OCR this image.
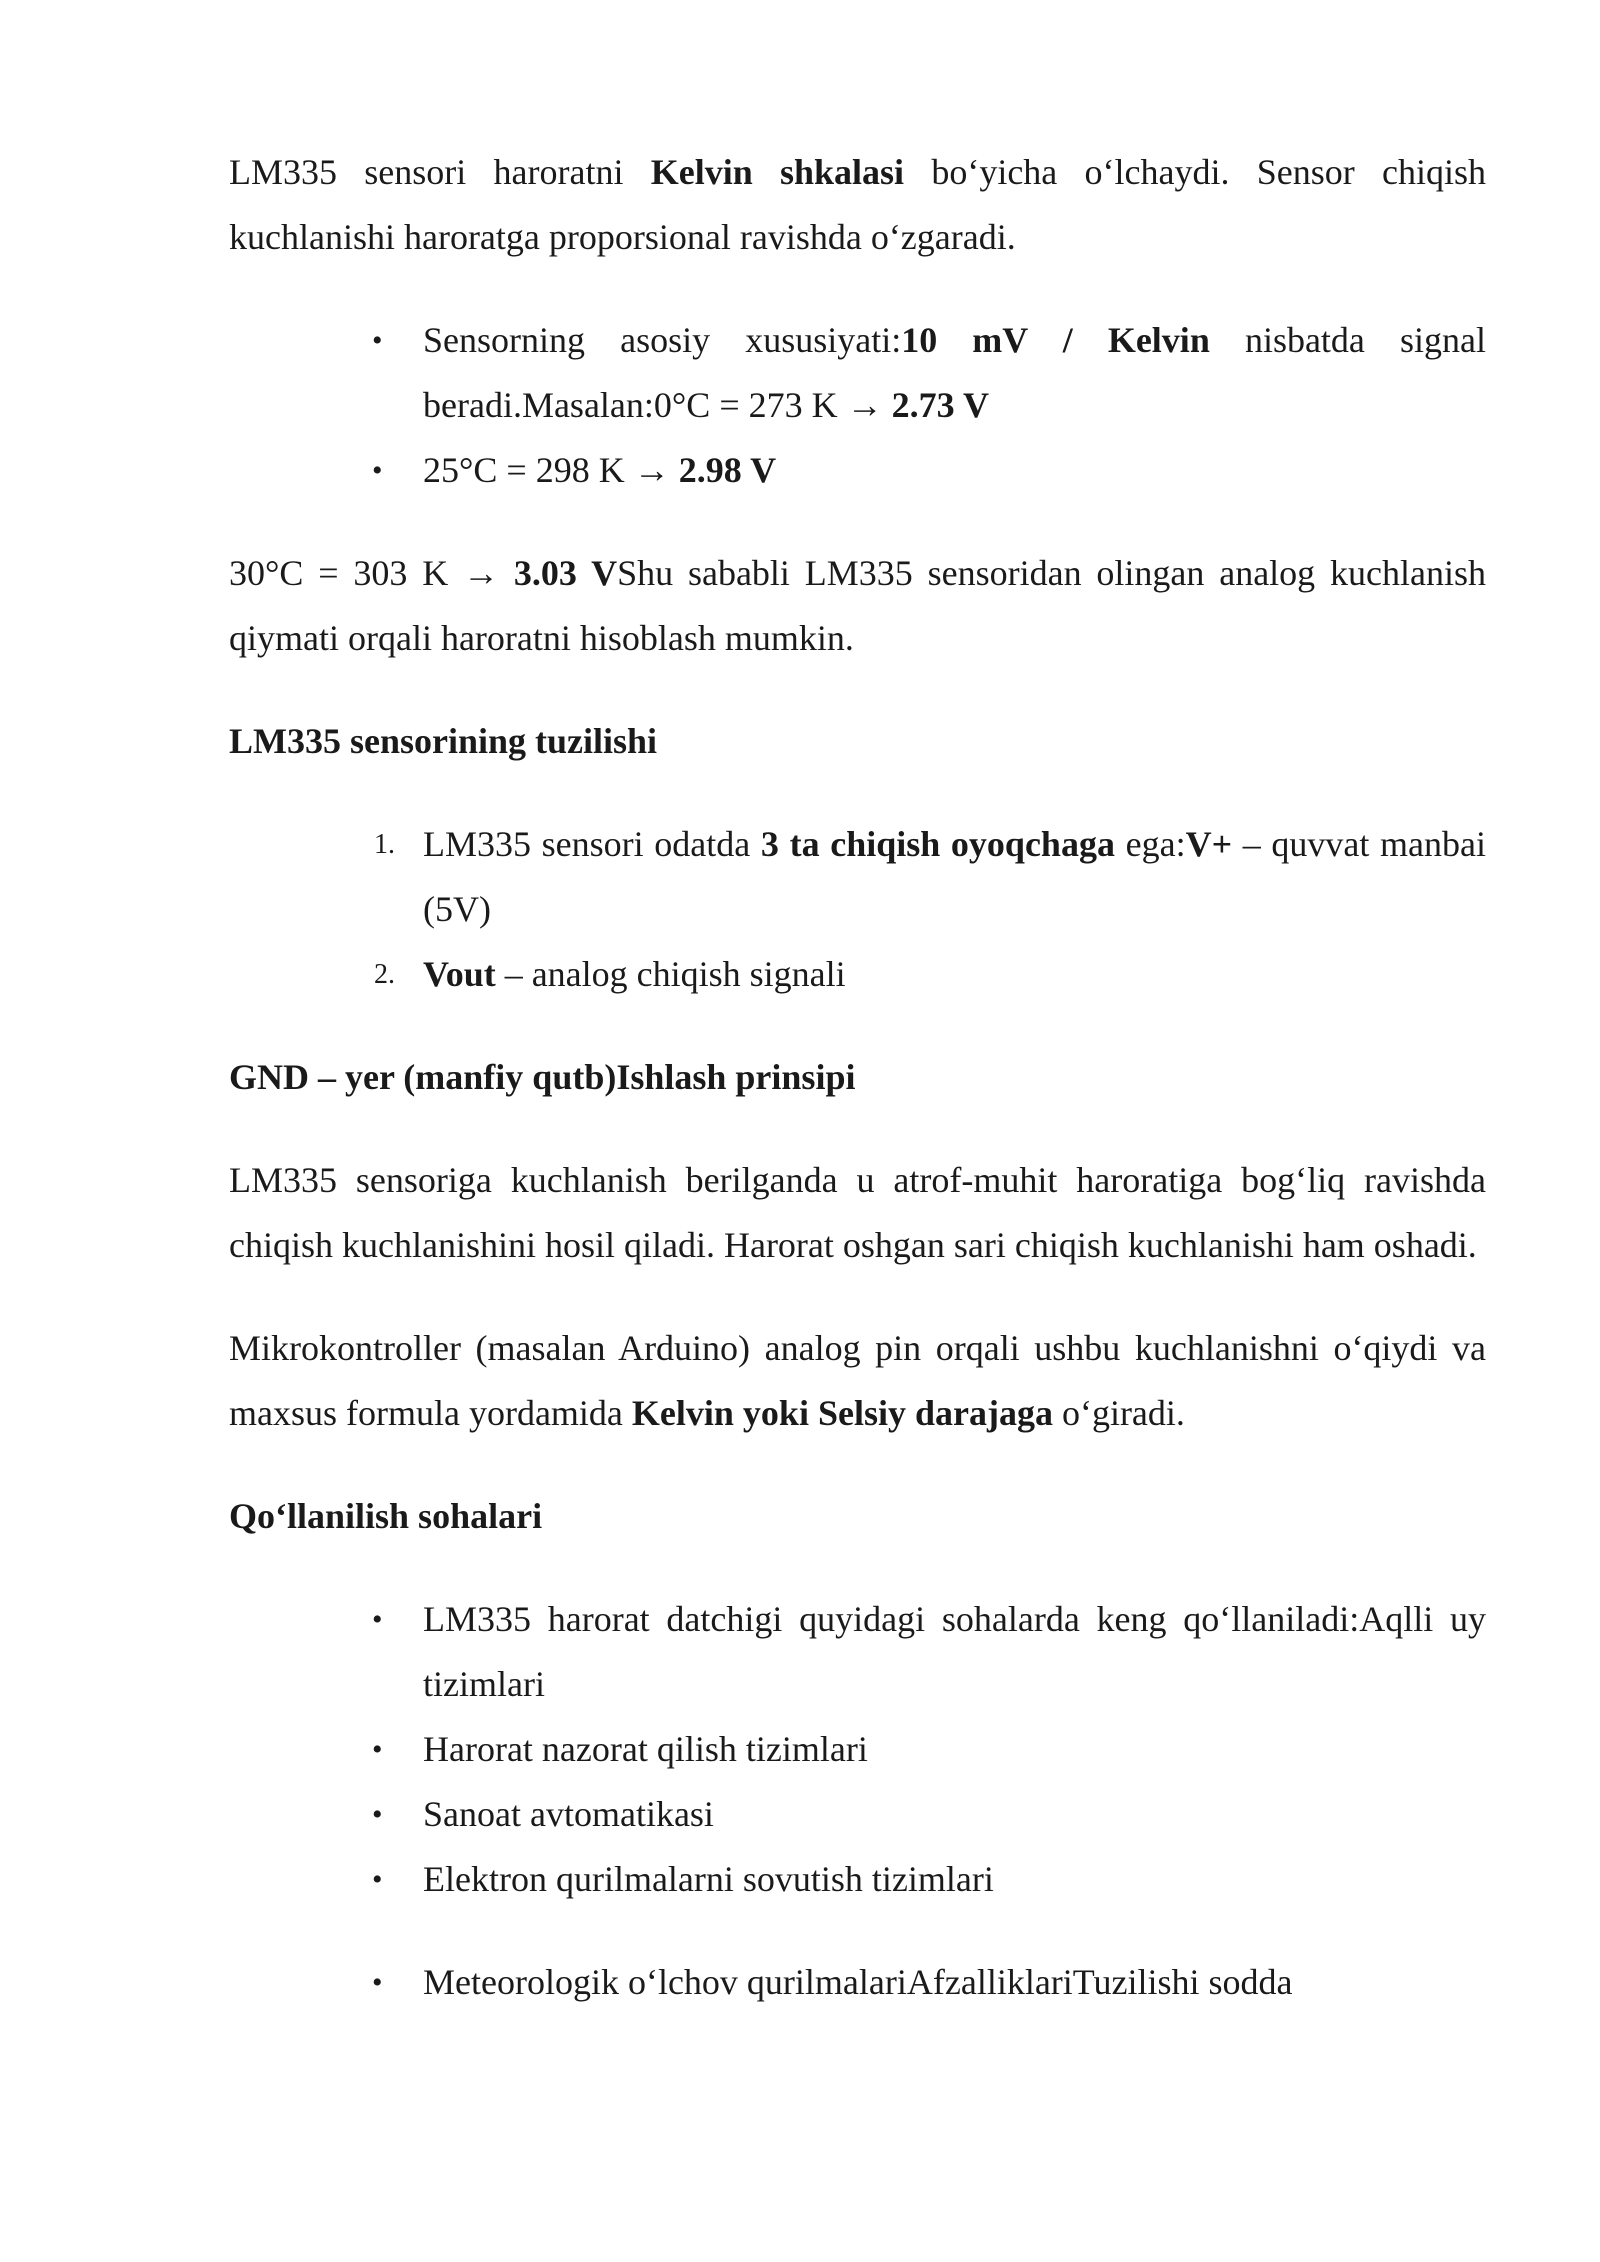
LM335 sensori haroratni Kelvin shkalasi bo‘yicha o‘lchaydi. Sensor chiqish kuchlanishi haroratga proporsional ravishda o‘zgaradi.

• Sensorning asosiy xususiyati:10 mV / Kelvin nisbatda signal beradi.Masalan:0°C = 273 K → 2.73 V
• 25°C = 298 K → 2.98 V

30°C = 303 K → 3.03 VShu sababli LM335 sensoridan olingan analog kuchlanish qiymati orqali haroratni hisoblash mumkin.

LM335 sensorining tuzilishi
1. LM335 sensori odatda 3 ta chiqish oyoqchaga ega:V+ – quvvat manbai (5V)
2. Vout – analog chiqish signali
GND – yer (manfiy qutb)Ishlash prinsipi

LM335 sensoriga kuchlanish berilganda u atrof-muhit haroratiga bog‘liq ravishda chiqish kuchlanishini hosil qiladi. Harorat oshgan sari chiqish kuchlanishi ham oshadi.

Mikrokontroller (masalan Arduino) analog pin orqali ushbu kuchlanishni o‘qiydi va maxsus formula yordamida Kelvin yoki Selsiy darajaga o‘giradi.

Qo‘llanilish sohalari
• LM335 harorat datchigi quyidagi sohalarda keng qo‘llaniladi:Aqlli uy tizimlari
• Harorat nazorat qilish tizimlari
• Sanoat avtomatikasi
• Elektron qurilmalarni sovutish tizimlari
• Meteorologik o‘lchov qurilmalariAfzalliklariTuzilishi sodda
